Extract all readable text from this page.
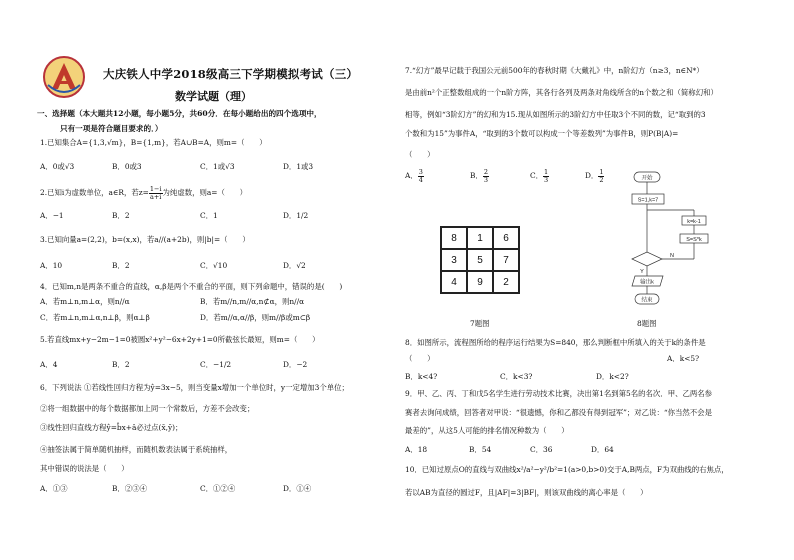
大庆铁人中学2018级高三下学期模拟考试（三）
数学试题（理）
一、选择题（本大题共12小题，每小题5分，共60分．在每小题给出的四个选项中，
只有一项是符合题目要求的．）
1.已知集合A={1,3,√m}，B={1,m}，若A∪B=A，则m=（　　）
A．0或√3	B．0或3	C．1或√3	D．1或3
2.已知i为虚数单位，a∈R，若$z= \frac{1-i}{a+i}$ 为纯虚数，则a=（　　）
A．−1	B．2	C．1	D．1/2
3.已知向量a=(2,2)，b=(x,x)，若a//(a+2b)，则|b|=（　　）
A．10	B．2	C．√10	D．√2
4．已知m,n是两条不重合的直线，α,β是两个不重合的平面，则下列命题中，错误的是(　　)
A．若m⊥n,m⊥α，则n//α	B．若m//n,m//α,n⊄α，则n//α
C．若m⊥n,m⊥α,n⊥β，则α⊥β	D．若m//α,α//β，则m//β或m⊂β
5.若直线mx+y−2m−1=0被圆x²+y²−6x+2y+1=0所截弦长最短，则m=（　　）
A．4	B．2	C．−1/2	D．−2
6．下列说法 ①若线性回归方程为ŷ=3x−5，则当变量x增加一个单位时，y一定增加3个单位；
②将一组数据中的每个数据都加上同一个常数后，方差不会改变；
③线性回归直线方程ŷ=b̂x+â必过点(x̄,ȳ)；
④抽签法属于简单随机抽样，而随机数表法属于系统抽样，
其中错误的说法是（　　）
A．①③	B．②③④	C．①②④	D．①④
7.“幻方”最早记载于我国公元前500年的春秋时期《大戴礼》中，n阶幻方（n≥3，n∈N*）
是由前n²个正整数组成的一个n阶方阵，其各行各列及两条对角线所含的n个数之和（简称幻和）
相等，例如“3阶幻方”的幻和为15.现从如图所示的3阶幻方中任取3个不同的数，记“取到的3
个数和为15”为事件A，“取到的3个数可以构成一个等差数列”为事件B，则P(B|A)=
（　　）
A． $\frac{3}{4}$	B． $\frac{2}{3}$	C． $\frac{1}{3}$	D． $\frac{1}{2}$
8	1	6
3	5	7
4	9	2
7题图
开始
S=1,k=7
k=k-1
S=S*k
N
Y
输出k
结束
8题图
8．如图所示，流程图所给的程序运行结果为S=840，那么判断框中所填入的关于k的条件是
（　　）	A．k<5?
B．k<4?	C．k<3?	D．k<2?
9．甲、乙、丙、丁和戊5名学生进行劳动技术比赛，决出第1名到第5名的名次．甲、乙两名参
赛者去询问成绩，回答者对甲说：“很遗憾，你和乙都没有得到冠军”；对乙说：“你当然不会是
最差的”，从这5人可能的排名情况种数为（　　）
A．18	B．54	C．36	D．64
10．已知过原点O的直线与双曲线x²/a²−y²/b²=1(a>0,b>0)交于A,B两点，F为双曲线的右焦点，
若以AB为直径的圆过F，且|AF|=3|BF|，则该双曲线的离心率是（　　）
